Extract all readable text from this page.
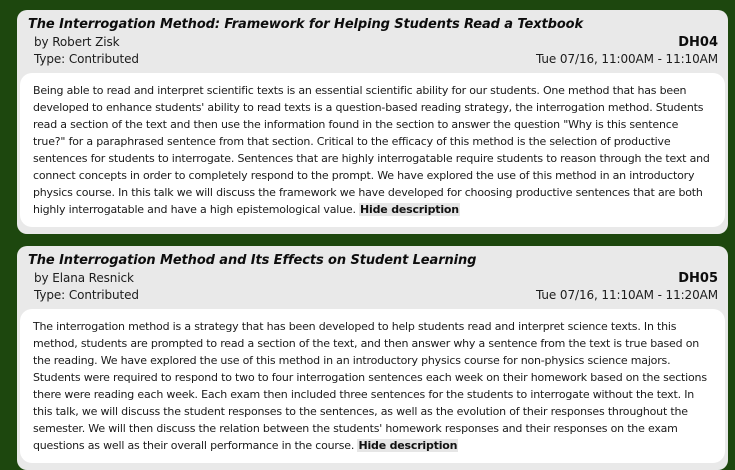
The Interrogation Method: Framework for Helping Students Read a Textbook
by Robert Zisk	DH04
Type: Contributed	Tue 07/16, 11:00AM - 11:10AM
Being able to read and interpret scientific texts is an essential scientific ability for our students. One method that has been developed to enhance students' ability to read texts is a question-based reading strategy, the interrogation method. Students read a section of the text and then use the information found in the section to answer the question "Why is this sentence true?" for a paraphrased sentence from that section. Critical to the efficacy of this method is the selection of productive sentences for students to interrogate. Sentences that are highly interrogatable require students to reason through the text and connect concepts in order to completely respond to the prompt. We have explored the use of this method in an introductory physics course. In this talk we will discuss the framework we have developed for choosing productive sentences that are both highly interrogatable and have a high epistemological value. Hide description
The Interrogation Method and Its Effects on Student Learning
by Elana Resnick	DH05
Type: Contributed	Tue 07/16, 11:10AM - 11:20AM
The interrogation method is a strategy that has been developed to help students read and interpret science texts. In this method, students are prompted to read a section of the text, and then answer why a sentence from the text is true based on the reading. We have explored the use of this method in an introductory physics course for non-physics science majors. Students were required to respond to two to four interrogation sentences each week on their homework based on the sections there were reading each week. Each exam then included three sentences for the students to interrogate without the text. In this talk, we will discuss the student responses to the sentences, as well as the evolution of their responses throughout the semester. We will then discuss the relation between the students' homework responses and their responses on the exam questions as well as their overall performance in the course. Hide description
